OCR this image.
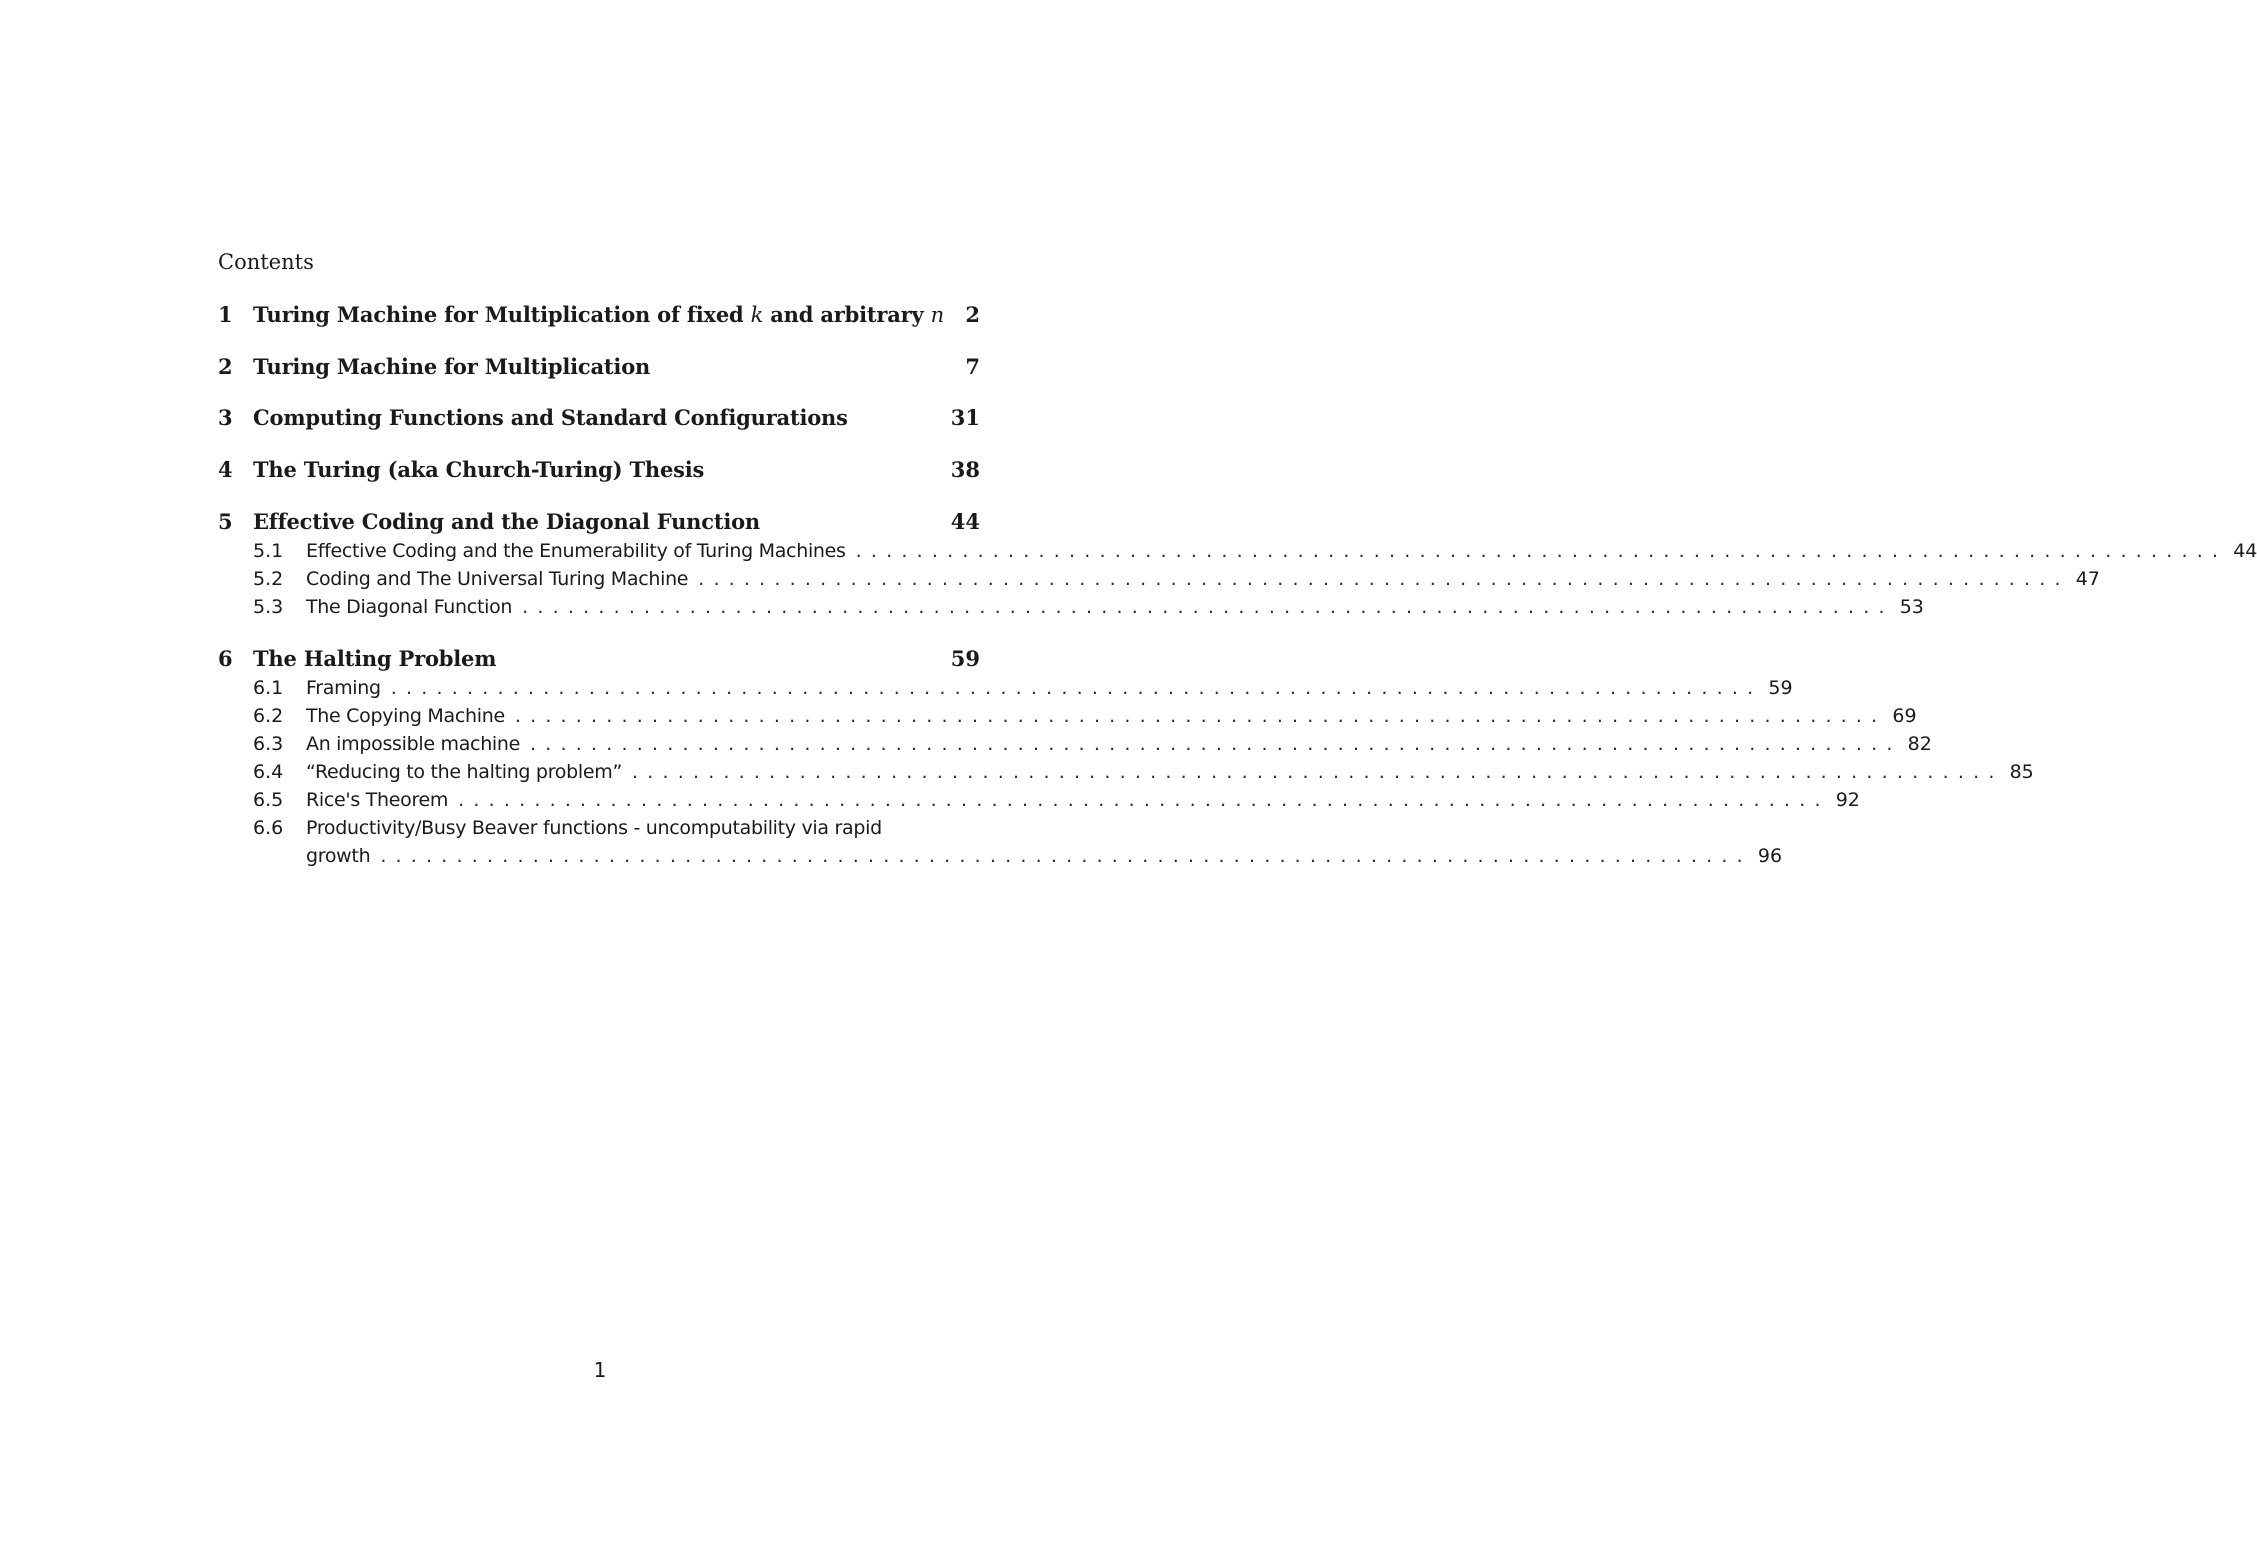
Contents
1 Turing Machine for Multiplication of fixed k and arbitrary n 2
2 Turing Machine for Multiplication	7
3 Computing Functions and Standard Configurations	31
4 The Turing (aka Church-Turing) Thesis	38
5 Effective Coding and the Diagonal Function	44
5.1 Effective Coding and the Enumerability of Turing Machines .......................................................................................... 44
5.2 Coding and The Universal Turing Machine .......................................................................................... 47
5.3 The Diagonal Function .......................................................................................... 53
6 The Halting Problem	59
6.1 Framing .......................................................................................... 59
6.2 The Copying Machine .......................................................................................... 69
6.3 An impossible machine .......................................................................................... 82
6.4 “Reducing to the halting problem” .......................................................................................... 85
6.5 Rice's Theorem .......................................................................................... 92
6.6 Productivity/Busy Beaver functions - uncomputability via rapid
growth .......................................................................................... 96
1
